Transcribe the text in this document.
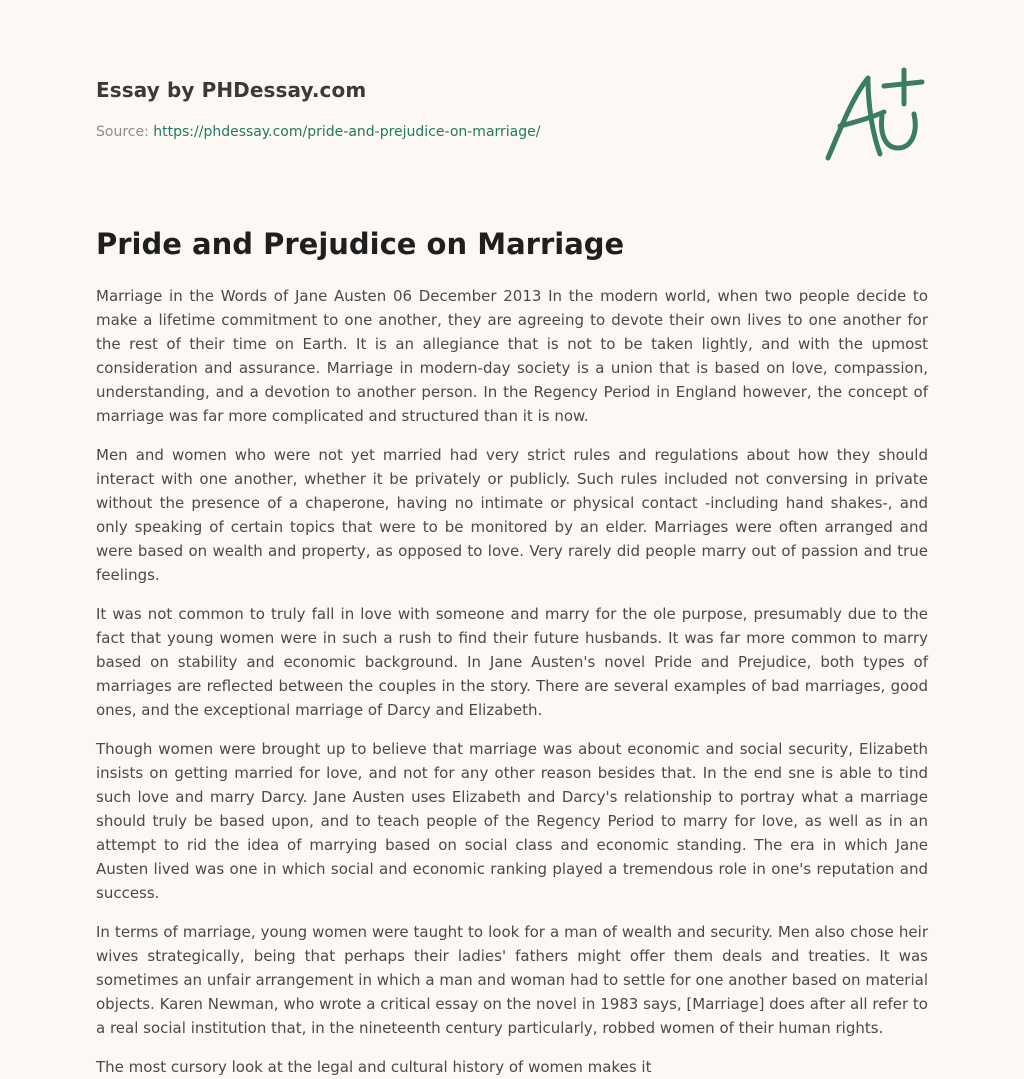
Essay by PHDessay.com
Source: https://phdessay.com/pride-and-prejudice-on-marriage/
Pride and Prejudice on Marriage

Marriage in the Words of Jane Austen 06 December 2013 In the modern world, when two people decide to make a lifetime commitment to one another, they are agreeing to devote their own lives to one another for the rest of their time on Earth. It is an allegiance that is not to be taken lightly, and with the upmost consideration and assurance. Marriage in modern-day society is a union that is based on love, compassion, understanding, and a devotion to another person. In the Regency Period in England however, the concept of marriage was far more complicated and structured than it is now.

Men and women who were not yet married had very strict rules and regulations about how they should interact with one another, whether it be privately or publicly. Such rules included not conversing in private without the presence of a chaperone, having no intimate or physical contact -including hand shakes-, and only speaking of certain topics that were to be monitored by an elder. Marriages were often arranged and were based on wealth and property, as opposed to love. Very rarely did people marry out of passion and true feelings.

It was not common to truly fall in love with someone and marry for the ole purpose, presumably due to the fact that young women were in such a rush to find their future husbands. It was far more common to marry based on stability and economic background. In Jane Austen's novel Pride and Prejudice, both types of marriages are reflected between the couples in the story. There are several examples of bad marriages, good ones, and the exceptional marriage of Darcy and Elizabeth.

Though women were brought up to believe that marriage was about economic and social security, Elizabeth insists on getting married for love, and not for any other reason besides that. In the end sne is able to tind such love and marry Darcy. Jane Austen uses Elizabeth and Darcy's relationship to portray what a marriage should truly be based upon, and to teach people of the Regency Period to marry for love, as well as in an attempt to rid the idea of marrying based on social class and economic standing. The era in which Jane Austen lived was one in which social and economic ranking played a tremendous role in one's reputation and success.

In terms of marriage, young women were taught to look for a man of wealth and security. Men also chose heir wives strategically, being that perhaps their ladies' fathers might offer them deals and treaties. It was sometimes an unfair arrangement in which a man and woman had to settle for one another based on material objects. Karen Newman, who wrote a critical essay on the novel in 1983 says, [Marriage] does after all refer to a real social institution that, in the nineteenth century particularly, robbed women of their human rights.

The most cursory look at the legal and cultural history of women makes it
